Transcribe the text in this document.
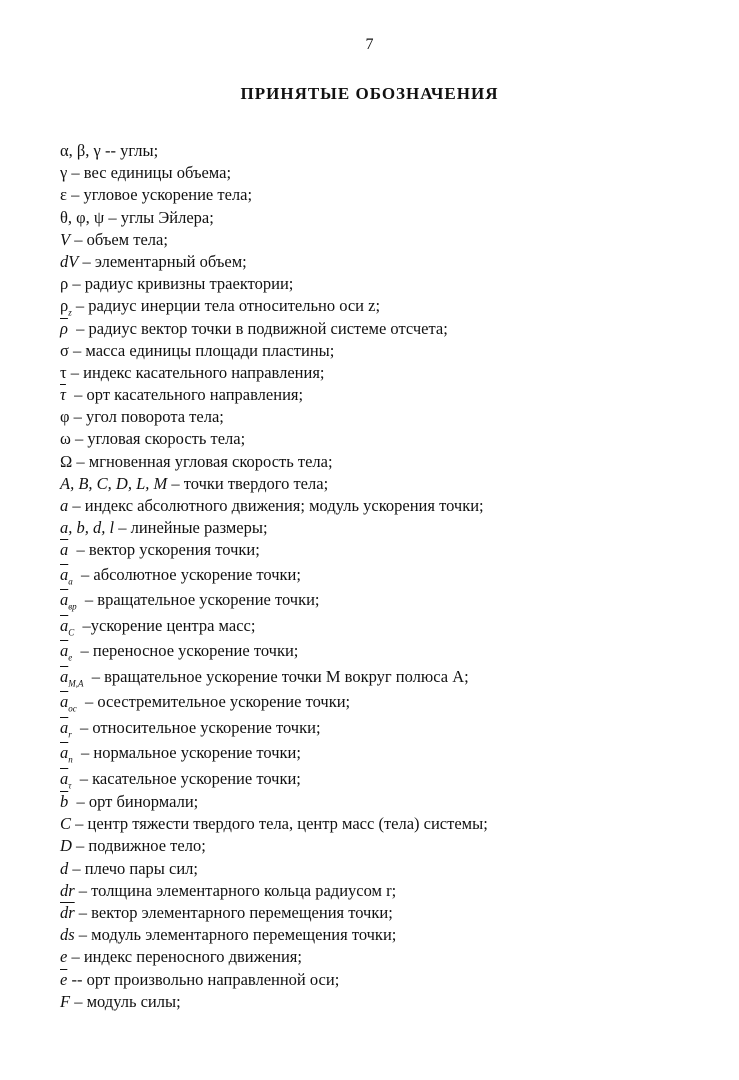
7
ПРИНЯТЫЕ ОБОЗНАЧЕНИЯ
α, β, γ -- углы;
γ – вес единицы объема;
ε – угловое ускорение тела;
θ, φ, ψ – углы Эйлера;
V – объем тела;
dV – элементарный объем;
ρ – радиус кривизны траектории;
$\rho_z$ – радиус инерции тела относительно оси z;
$\overline{\rho}$  – радиус вектор точки в подвижной системе отсчета;
σ – масса единицы площади пластины;
τ – индекс касательного направления;
$\overline{\tau}$  – орт касательного направления;
φ – угол поворота тела;
ω – угловая скорость тела;
Ω – мгновенная угловая скорость тела;
A, B, C, D, L, M – точки твердого тела;
a – индекс абсолютного движения; модуль ускорения точки;
a, b, d, l – линейные размеры;
$\overline{a}$  – вектор ускорения точки;
$\overline{a}_a$  – абсолютное ускорение точки;
$\overline{a}_{вр}$  – вращательное ускорение точки;
$\overline{a}_C$  –ускорение центра масс;
$\overline{a}_e$  – переносное ускорение точки;
$\overline{a}_{M,A}$  – вращательное ускорение точки M вокруг полюса A;
$\overline{a}_{ос}$  – осестремительное ускорение точки;
$\overline{a}_r$  – относительное ускорение точки;
$\overline{a}_n$  – нормальное ускорение точки;
$\overline{a}_\tau$  – касательное ускорение точки;
$\overline{b}$  – орт бинормали;
C – центр тяжести твердого тела, центр масс (тела) системы;
D – подвижное тело;
d – плечо пары сил;
dr – толщина элементарного кольца радиусом r;
$\overline{dr}$ – вектор элементарного перемещения точки;
ds – модуль элементарного перемещения точки;
e – индекс переносного движения;
$\overline{e}$ -- орт произвольно направленной оси;
F – модуль силы;
